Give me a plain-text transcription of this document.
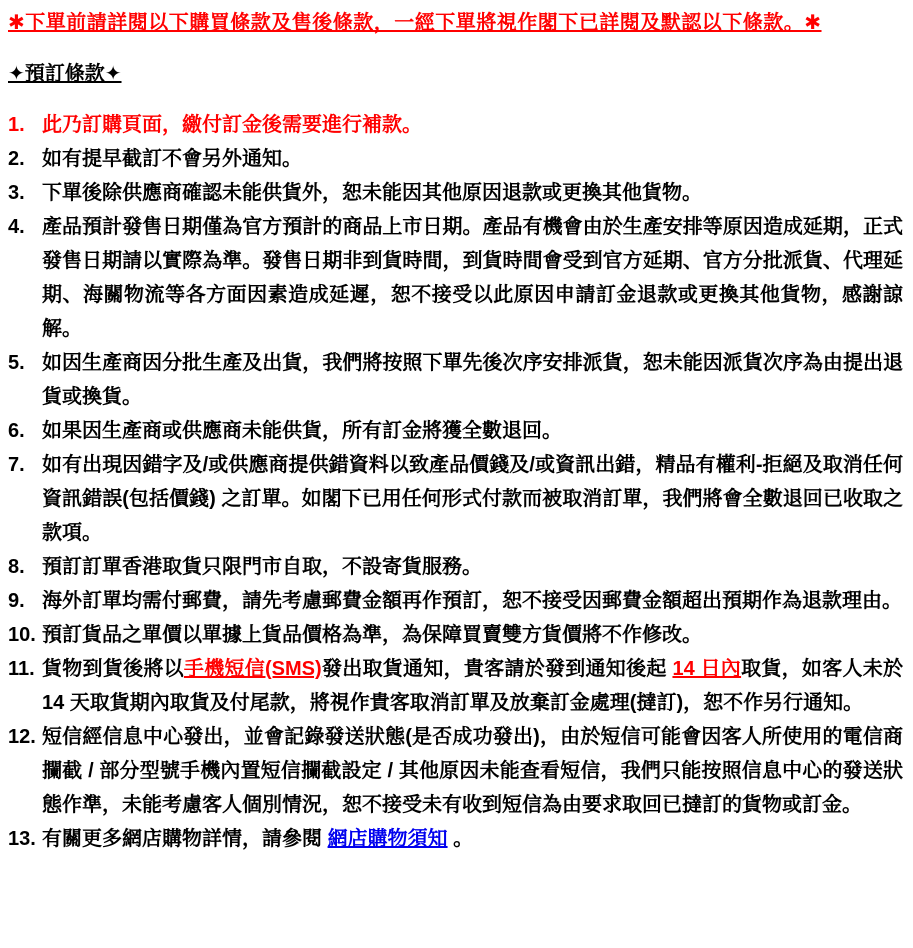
✱下單前請詳閱以下購買條款及售後條款，一經下單將視作閣下已詳閱及默認以下條款。✱
✦預訂條款✦
1. 此乃訂購頁面，繳付訂金後需要進行補款。
2. 如有提早截訂不會另外通知。
3. 下單後除供應商確認未能供貨外，恕未能因其他原因退款或更換其他貨物。
4. 產品預計發售日期僅為官方預計的商品上市日期。產品有機會由於生產安排等原因造成延期，正式發售日期請以實際為準。發售日期非到貨時間，到貨時間會受到官方延期、官方分批派貨、代理延期、海關物流等各方面因素造成延遲，恕不接受以此原因申請訂金退款或更換其他貨物，感謝諒解。
5. 如因生產商因分批生產及出貨，我們將按照下單先後次序安排派貨，恕未能因派貨次序為由提出退貨或換貨。
6. 如果因生產商或供應商未能供貨，所有訂金將獲全數退回。
7. 如有出現因錯字及/或供應商提供錯資料以致產品價錢及/或資訊出錯，精品有權利-拒絕及取消任何資訊錯誤(包括價錢) 之訂單。如閣下已用任何形式付款而被取消訂單，我們將會全數退回已收取之款項。
8. 預訂訂單香港取貨只限門市自取，不設寄貨服務。
9. 海外訂單均需付郵費，請先考慮郵費金額再作預訂，恕不接受因郵費金額超出預期作為退款理由。
10. 預訂貨品之單價以單據上貨品價格為準，為保障買賣雙方貨價將不作修改。
11. 貨物到貨後將以手機短信(SMS)發出取貨通知，貴客請於發到通知後起 14 日內取貨，如客人未於 14 天取貨期內取貨及付尾款，將視作貴客取消訂單及放棄訂金處理(撻訂)，恕不作另行通知。
12. 短信經信息中心發出，並會記錄發送狀態(是否成功發出)，由於短信可能會因客人所使用的電信商攔截 / 部分型號手機內置短信攔截設定 / 其他原因未能查看短信，我們只能按照信息中心的發送狀態作準，未能考慮客人個別情況，恕不接受未有收到短信為由要求取回已撻訂的貨物或訂金。
13. 有關更多網店購物詳情，請參閱 網店購物須知 。
